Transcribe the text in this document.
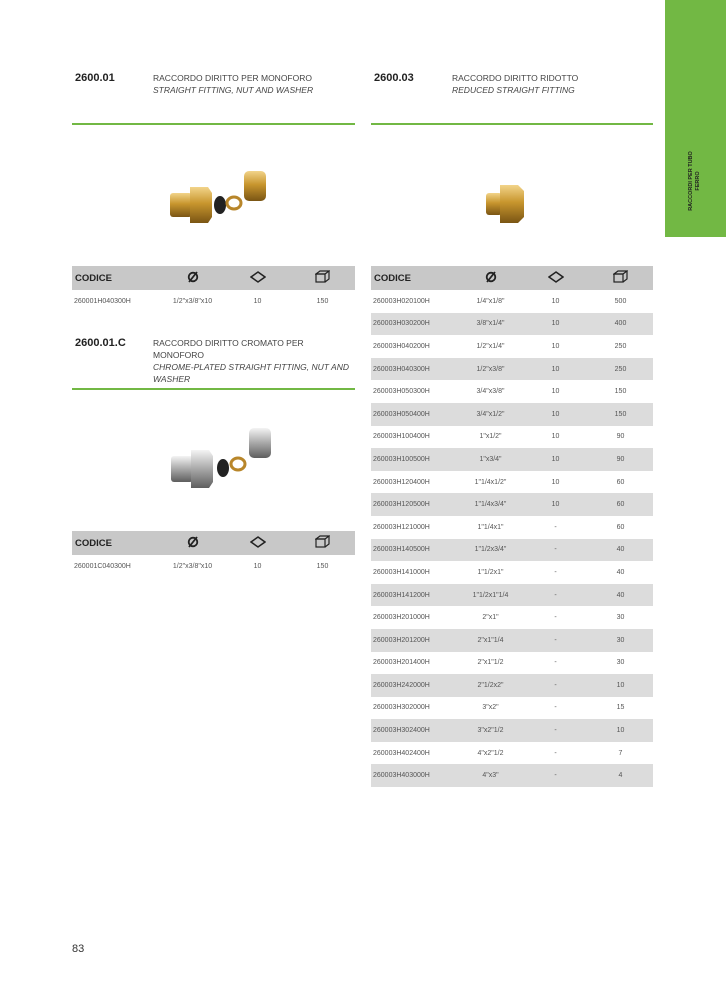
RACCORDI PER TUBO
FERRO
2600.01	RACCORDO DIRITTO PER MONOFORO
STRAIGHT FITTING, NUT AND WASHER
CODICE			
260001H040300H	1/2"x3/8"x10	10	150
2600.01.C	RACCORDO DIRITTO CROMATO PER MONOFORO
CHROME-PLATED STRAIGHT FITTING, NUT AND WASHER
CODICE			
260001C040300H	1/2"x3/8"x10	10	150
2600.03	RACCORDO DIRITTO RIDOTTO
REDUCED STRAIGHT FITTING
CODICE			
260003H020100H	1/4"x1/8"	10	500
260003H030200H	3/8"x1/4"	10	400
260003H040200H	1/2"x1/4"	10	250
260003H040300H	1/2"x3/8"	10	250
260003H050300H	3/4"x3/8"	10	150
260003H050400H	3/4"x1/2"	10	150
260003H100400H	1"x1/2"	10	90
260003H100500H	1"x3/4"	10	90
260003H120400H	1"1/4x1/2"	10	60
260003H120500H	1"1/4x3/4"	10	60
260003H121000H	1"1/4x1"	-	60
260003H140500H	1"1/2x3/4"	-	40
260003H141000H	1"1/2x1"	-	40
260003H141200H	1"1/2x1"1/4	-	40
260003H201000H	2"x1"	-	30
260003H201200H	2"x1"1/4	-	30
260003H201400H	2"x1"1/2	-	30
260003H242000H	2"1/2x2"	-	10
260003H302000H	3"x2"	-	15
260003H302400H	3"x2"1/2	-	10
260003H402400H	4"x2"1/2	-	7
260003H403000H	4"x3"	-	4
83
